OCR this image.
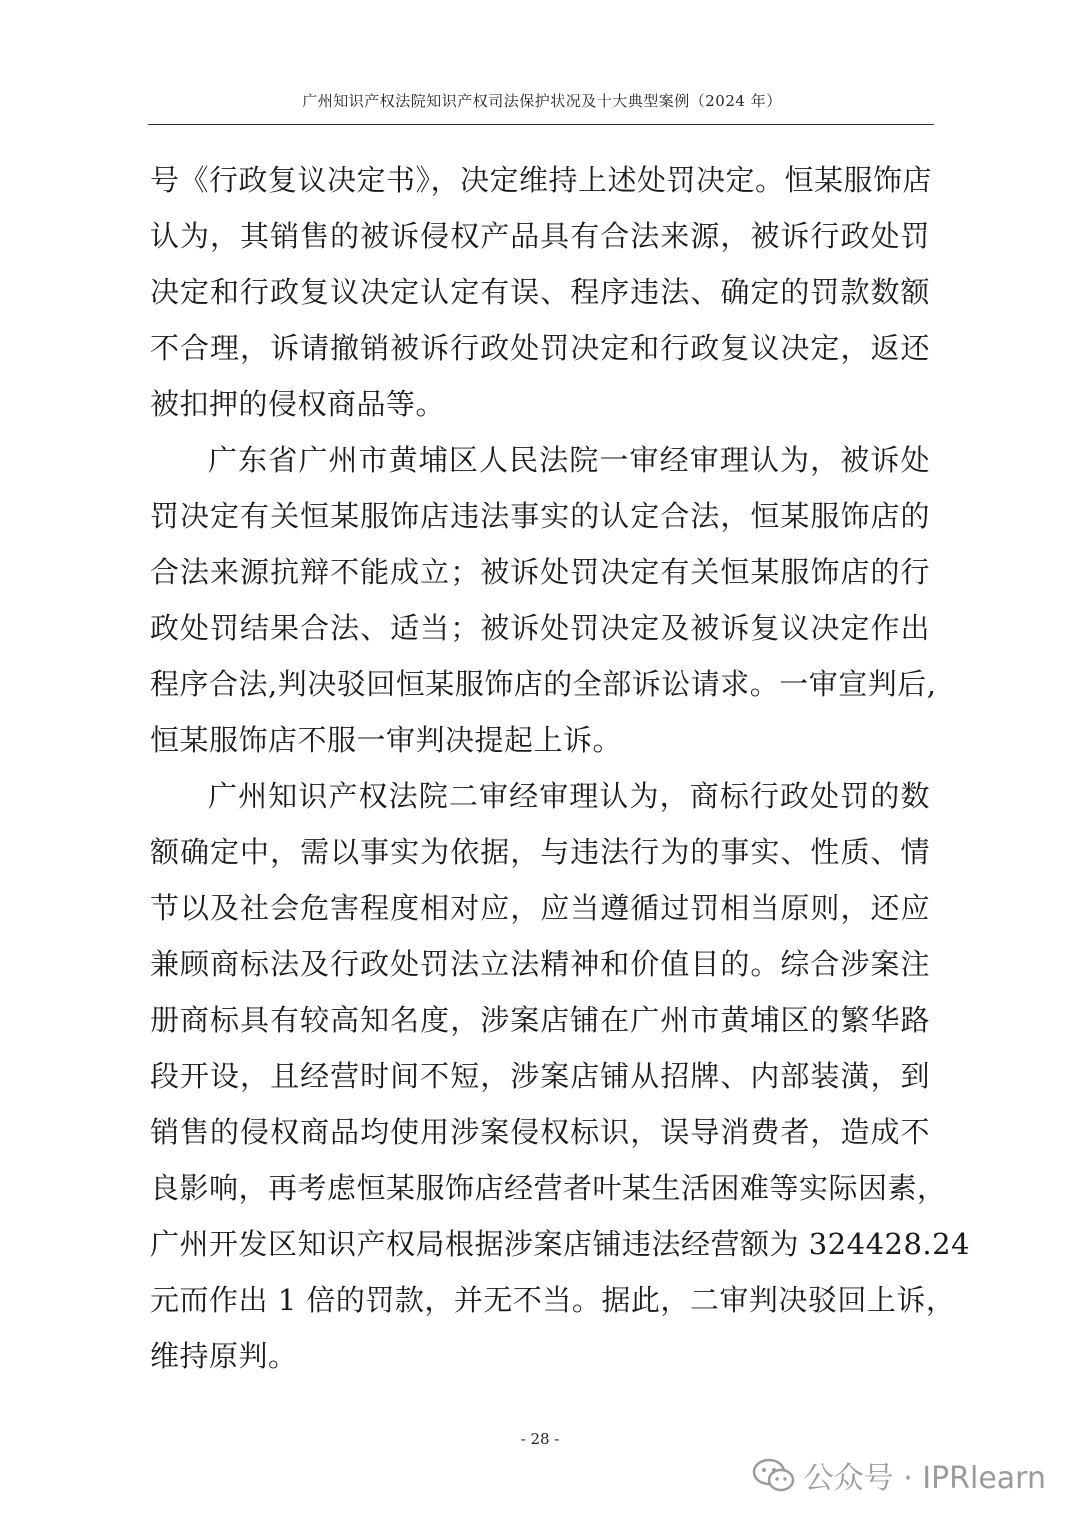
广州知识产权法院知识产权司法保护状况及十大典型案例（2024 年）
号《行政复议决定书》，决定维持上述处罚决定。恒某服饰店
认为，其销售的被诉侵权产品具有合法来源，被诉行政处罚
决定和行政复议决定认定有误、程序违法、确定的罚款数额
不合理，诉请撤销被诉行政处罚决定和行政复议决定，返还
被扣押的侵权商品等。
广东省广州市黄埔区人民法院一审经审理认为，被诉处
罚决定有关恒某服饰店违法事实的认定合法，恒某服饰店的
合法来源抗辩不能成立；被诉处罚决定有关恒某服饰店的行
政处罚结果合法、适当；被诉处罚决定及被诉复议决定作出
程序合法,判决驳回恒某服饰店的全部诉讼请求。一审宣判后,
恒某服饰店不服一审判决提起上诉。
广州知识产权法院二审经审理认为，商标行政处罚的数
额确定中，需以事实为依据，与违法行为的事实、性质、情
节以及社会危害程度相对应，应当遵循过罚相当原则，还应
兼顾商标法及行政处罚法立法精神和价值目的。综合涉案注
册商标具有较高知名度，涉案店铺在广州市黄埔区的繁华路
段开设，且经营时间不短，涉案店铺从招牌、内部装潢，到
销售的侵权商品均使用涉案侵权标识，误导消费者，造成不
良影响，再考虑恒某服饰店经营者叶某生活困难等实际因素，
广州开发区知识产权局根据涉案店铺违法经营额为 324428.24
元而作出 1 倍的罚款，并无不当。据此，二审判决驳回上诉，
维持原判。
- 28 -
公众号 · IPRlearn
